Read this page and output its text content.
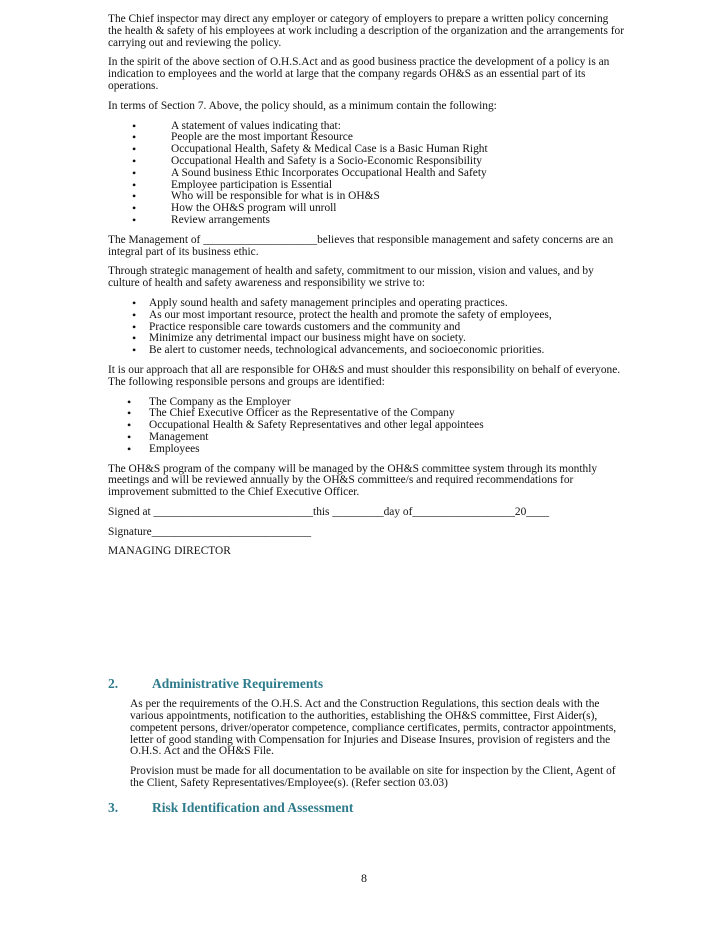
The Chief inspector may direct any employer or category of employers to prepare a written policy concerning the health & safety of his employees at work including a description of the organization and the arrangements for carrying out and reviewing the policy.

In the spirit of the above section of O.H.S.Act and as good business practice the development of a policy is an indication to employees and the world at large that the company regards OH&S as an essential part of its operations.

In terms of Section 7. Above, the policy should, as a minimum contain the following:

• A statement of values indicating that:
• People are the most important Resource
• Occupational Health, Safety & Medical Case is a Basic Human Right
• Occupational Health and Safety is a Socio-Economic Responsibility
• A Sound business Ethic Incorporates Occupational Health and Safety
• Employee participation is Essential
• Who will be responsible for what is in OH&S
• How the OH&S program will unroll
• Review arrangements

The Management of ____________________believes that responsible management and safety concerns are an integral part of its business ethic.

Through strategic management of health and safety, commitment to our mission, vision and values, and by culture of health and safety awareness and responsibility we strive to:

• Apply sound health and safety management principles and operating practices.
• As our most important resource, protect the health and promote the safety of employees,
• Practice responsible care towards customers and the community and
• Minimize any detrimental impact our business might have on society.
• Be alert to customer needs, technological advancements, and socioeconomic priorities.

It is our approach that all are responsible for OH&S and must shoulder this responsibility on behalf of everyone. The following responsible persons and groups are identified:

• The Company as the Employer
• The Chief Executive Officer as the Representative of the Company
• Occupational Health & Safety Representatives and other legal appointees
• Management
• Employees

The OH&S program of the company will be managed by the OH&S committee system through its monthly meetings and will be reviewed annually by the OH&S committee/s and required recommendations for improvement submitted to the Chief Executive Officer.

Signed at ____________________________this _________day of__________________20____

Signature____________________________

MANAGING DIRECTOR

2.	Administrative Requirements

As per the requirements of the O.H.S. Act and the Construction Regulations, this section deals with the various appointments, notification to the authorities, establishing the OH&S committee, First Aider(s), competent persons, driver/operator competence, compliance certificates, permits, contractor appointments, letter of good standing with Compensation for Injuries and Disease Insures, provision of registers and the O.H.S. Act and the OH&S File.

Provision must be made for all documentation to be available on site for inspection by the Client, Agent of the Client, Safety Representatives/Employee(s). (Refer section 03.03)

3.	Risk Identification and Assessment
8
